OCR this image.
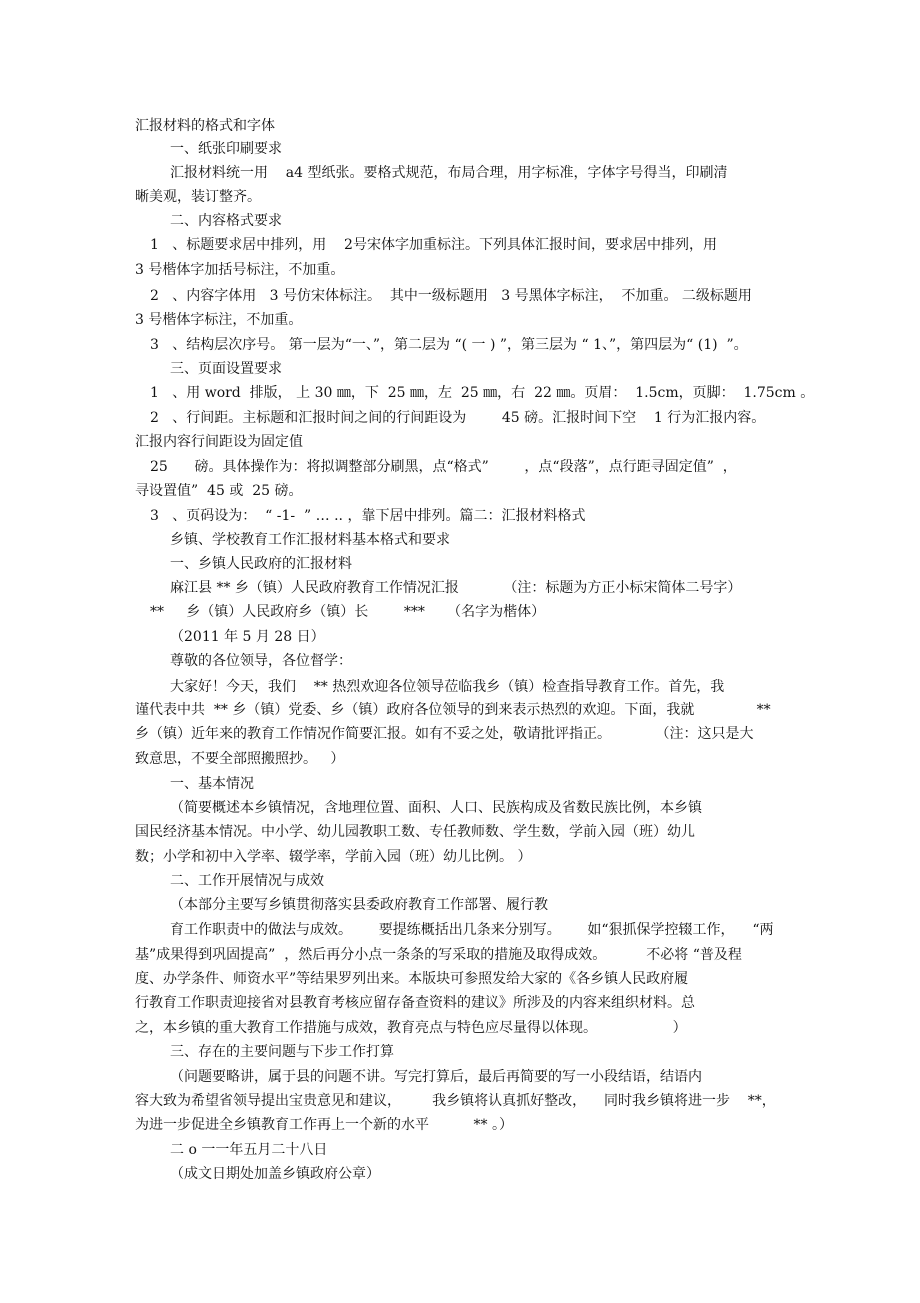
汇报材料的格式和字体
一、纸张印刷要求
汇报材料统一用    a4 型纸张。要格式规范，布局合理，用字标准，字体字号得当，印刷清
晰美观，装订整齐。
二、内容格式要求
1   、标题要求居中排列，用    2号宋体字加重标注。下列具体汇报时间，要求居中排列，用
3 号楷体字加括号标注，不加重。
2   、内容字体用   3 号仿宋体标注。  其中一级标题用   3 号黑体字标注，  不加重。 二级标题用
3 号楷体字标注，不加重。
3   、结构层次序号。 第一层为“一、”，第二层为 “( 一 ) ”，第三层为 “ 1、”，第四层为“ (1)  ”。
三、页面设置要求
1   、用 word  排版， 上 30 ㎜，下  25 ㎜，左  25 ㎜，右  22 ㎜。页眉：  1.5cm，页脚：  1.75cm 。
2   、行间距。主标题和汇报时间之间的行间距设为        45 磅。汇报时间下空    1 行为汇报内容。
汇报内容行间距设为固定值
25      磅。具体操作为：将拟调整部分刷黑，点“格式”        ，点“段落”，点行距寻固定值”  ，
寻设置值”  45 或  25 磅。
3   、页码设为：  “ -1-  ” … .. ，靠下居中排列。篇二：汇报材料格式
乡镇、学校教育工作汇报材料基本格式和要求
一、乡镇人民政府的汇报材料
麻江县 ** 乡（镇）人民政府教育工作情况汇报          （注：标题为方正小标宋简体二号字）
**     乡（镇）人民政府乡（镇）长        ***     （名字为楷体）
（2011 年 5 月 28 日）
尊敬的各位领导，各位督学：
大家好！今天，我们    ** 热烈欢迎各位领导莅临我乡（镇）检查指导教育工作。首先，我
谨代表中共  ** 乡（镇）党委、乡（镇）政府各位领导的到来表示热烈的欢迎。下面，我就              **
乡（镇）近年来的教育工作情况作简要汇报。如有不妥之处，敬请批评指正。          （注：这只是大
致意思，不要全部照搬照抄。   ）
一、基本情况
（简要概述本乡镇情况，含地理位置、面积、人口、民族构成及省数民族比例，本乡镇
国民经济基本情况。中小学、幼儿园教职工数、专任教师数、学生数，学前入园（班）幼儿
数；小学和初中入学率、辍学率，学前入园（班）幼儿比例。 ）
二、工作开展情况与成效
（本部分主要写乡镇贯彻落实县委政府教育工作部署、履行教
育工作职责中的做法与成效。      要提练概括出几条来分别写。      如“狠抓保学控辍工作，    “两
基”成果得到巩固提高”  ，然后再分小点一条条的写采取的措施及取得成效。         不必将 “普及程
度、办学条件、师资水平”等结果罗列出来。本版块可参照发给大家的《各乡镇人民政府履
行教育工作职责迎接省对县教育考核应留存备查资料的建议》所涉及的内容来组织材料。总
之，本乡镇的重大教育工作措施与成效，教育亮点与特色应尽量得以体现。                 ）
三、存在的主要问题与下步工作打算
（问题要略讲，属于县的问题不讲。写完打算后，最后再简要的写一小段结语，结语内
容大致为希望省领导提出宝贵意见和建议，       我乡镇将认真抓好整改，    同时我乡镇将进一步    **，
为进一步促进全乡镇教育工作再上一个新的水平          ** 。）
二 o 一一年五月二十八日
（成文日期处加盖乡镇政府公章）
